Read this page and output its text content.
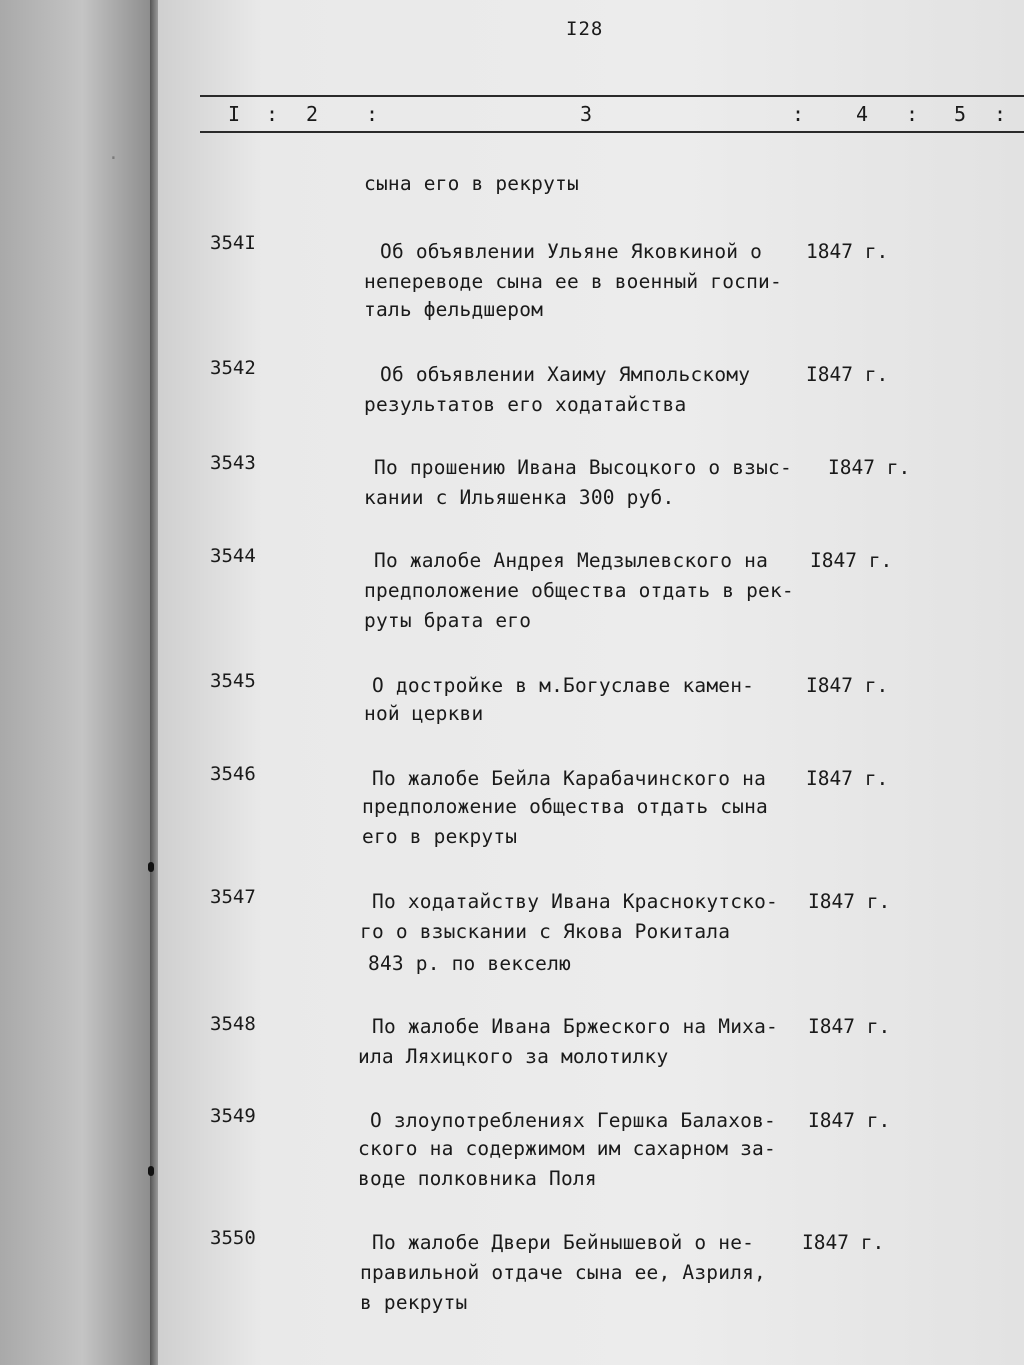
·
I28
I : 2 :	3	:	4 : 5 :
сына его в рекруты
354I	Об объявлении Ульяне Яковкиной о
непереводе сына ее в военный госпи-
таль фельдшером
1847 г.
3542	Об объявлении Хаиму Ямпольскому
результатов его ходатайства
I847 г.
3543	По прошению Ивана Высоцкого о взыс-
кании с Ильяшенка 300 руб.
I847 г.
3544	По жалобе Андрея Медзылевского на
предположение общества отдать в рек-
руты брата его
I847 г.
3545	О достройке в м.Богуславе камен-
ной церкви
I847 г.
3546	По жалобе Бейла Карабачинского на
предположение общества отдать сына
его в рекруты
I847 г.
3547	По ходатайству Ивана Краснокутско-
го о взыскании с Якова Рокитала
843 р. по векселю
I847 г.
3548	По жалобе Ивана Бржеского на Миха-
ила Ляхицкого за молотилку
I847 г.
3549	О злоупотреблениях Гершка Балахов-
ского на содержимом им сахарном за-
воде полковника Поля
I847 г.
3550	По жалобе Двери Бейнышевой о не-
правильной отдаче сына ее, Азриля,
в рекруты
I847 г.
